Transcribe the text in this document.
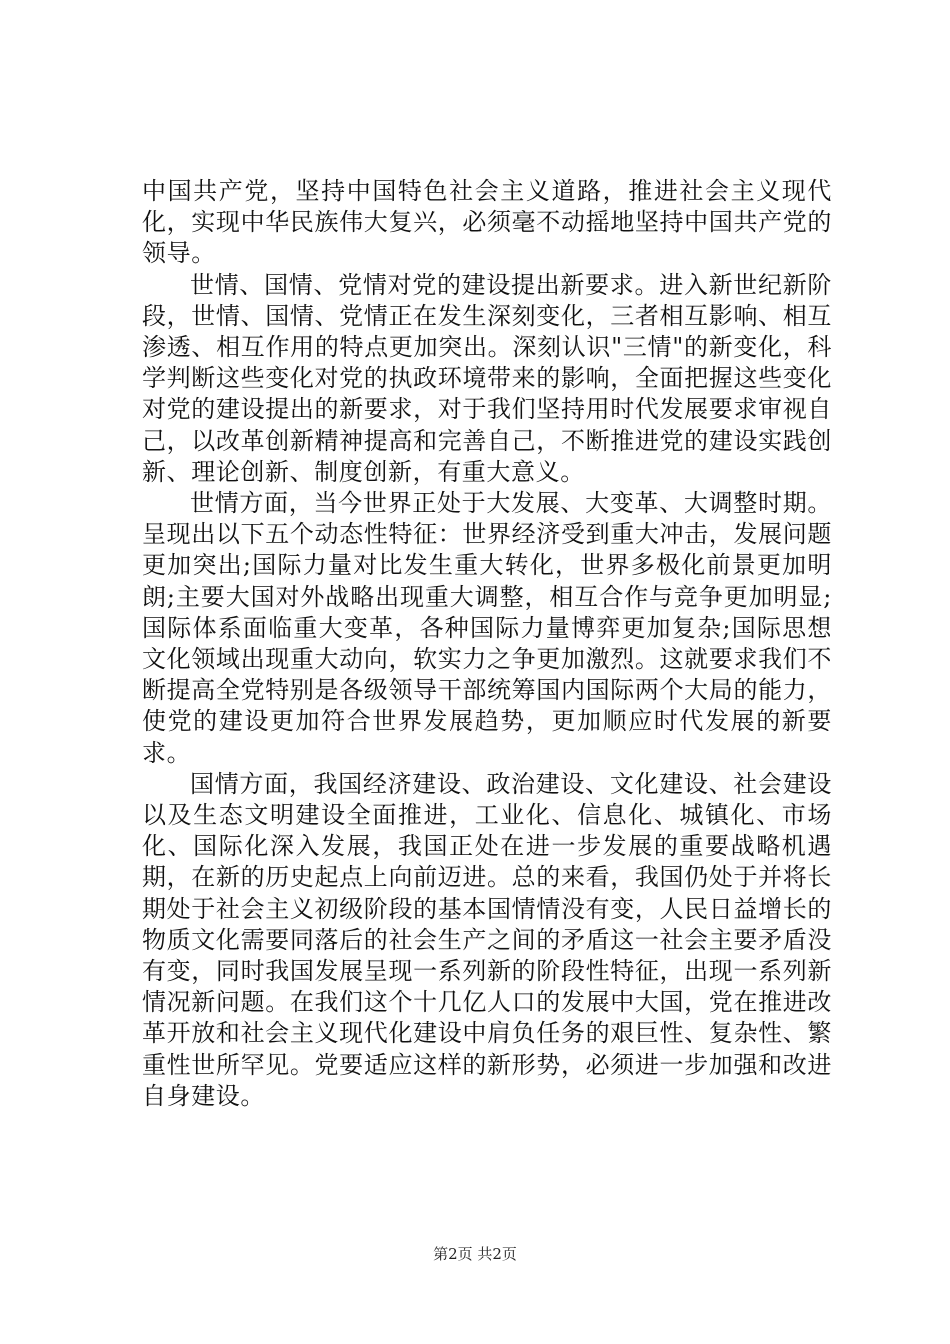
中国共产党，坚持中国特色社会主义道路，推进社会主义现代化，实现中华民族伟大复兴，必须毫不动摇地坚持中国共产党的领导。

世情、国情、党情对党的建设提出新要求。进入新世纪新阶段，世情、国情、党情正在发生深刻变化，三者相互影响、相互渗透、相互作用的特点更加突出。深刻认识"三情"的新变化，科学判断这些变化对党的执政环境带来的影响，全面把握这些变化对党的建设提出的新要求，对于我们坚持用时代发展要求审视自己，以改革创新精神提高和完善自己，不断推进党的建设实践创新、理论创新、制度创新，有重大意义。

世情方面，当今世界正处于大发展、大变革、大调整时期。呈现出以下五个动态性特征：世界经济受到重大冲击，发展问题更加突出;国际力量对比发生重大转化，世界多极化前景更加明朗;主要大国对外战略出现重大调整，相互合作与竞争更加明显;国际体系面临重大变革，各种国际力量博弈更加复杂;国际思想文化领域出现重大动向，软实力之争更加激烈。这就要求我们不断提高全党特别是各级领导干部统筹国内国际两个大局的能力，使党的建设更加符合世界发展趋势，更加顺应时代发展的新要求。

国情方面，我国经济建设、政治建设、文化建设、社会建设以及生态文明建设全面推进，工业化、信息化、城镇化、市场化、国际化深入发展，我国正处在进一步发展的重要战略机遇期，在新的历史起点上向前迈进。总的来看，我国仍处于并将长期处于社会主义初级阶段的基本国情情没有变，人民日益增长的物质文化需要同落后的社会生产之间的矛盾这一社会主要矛盾没有变，同时我国发展呈现一系列新的阶段性特征，出现一系列新情况新问题。在我们这个十几亿人口的发展中大国，党在推进改革开放和社会主义现代化建设中肩负任务的艰巨性、复杂性、繁重性世所罕见。党要适应这样的新形势，必须进一步加强和改进自身建设。

第2页 共2页
